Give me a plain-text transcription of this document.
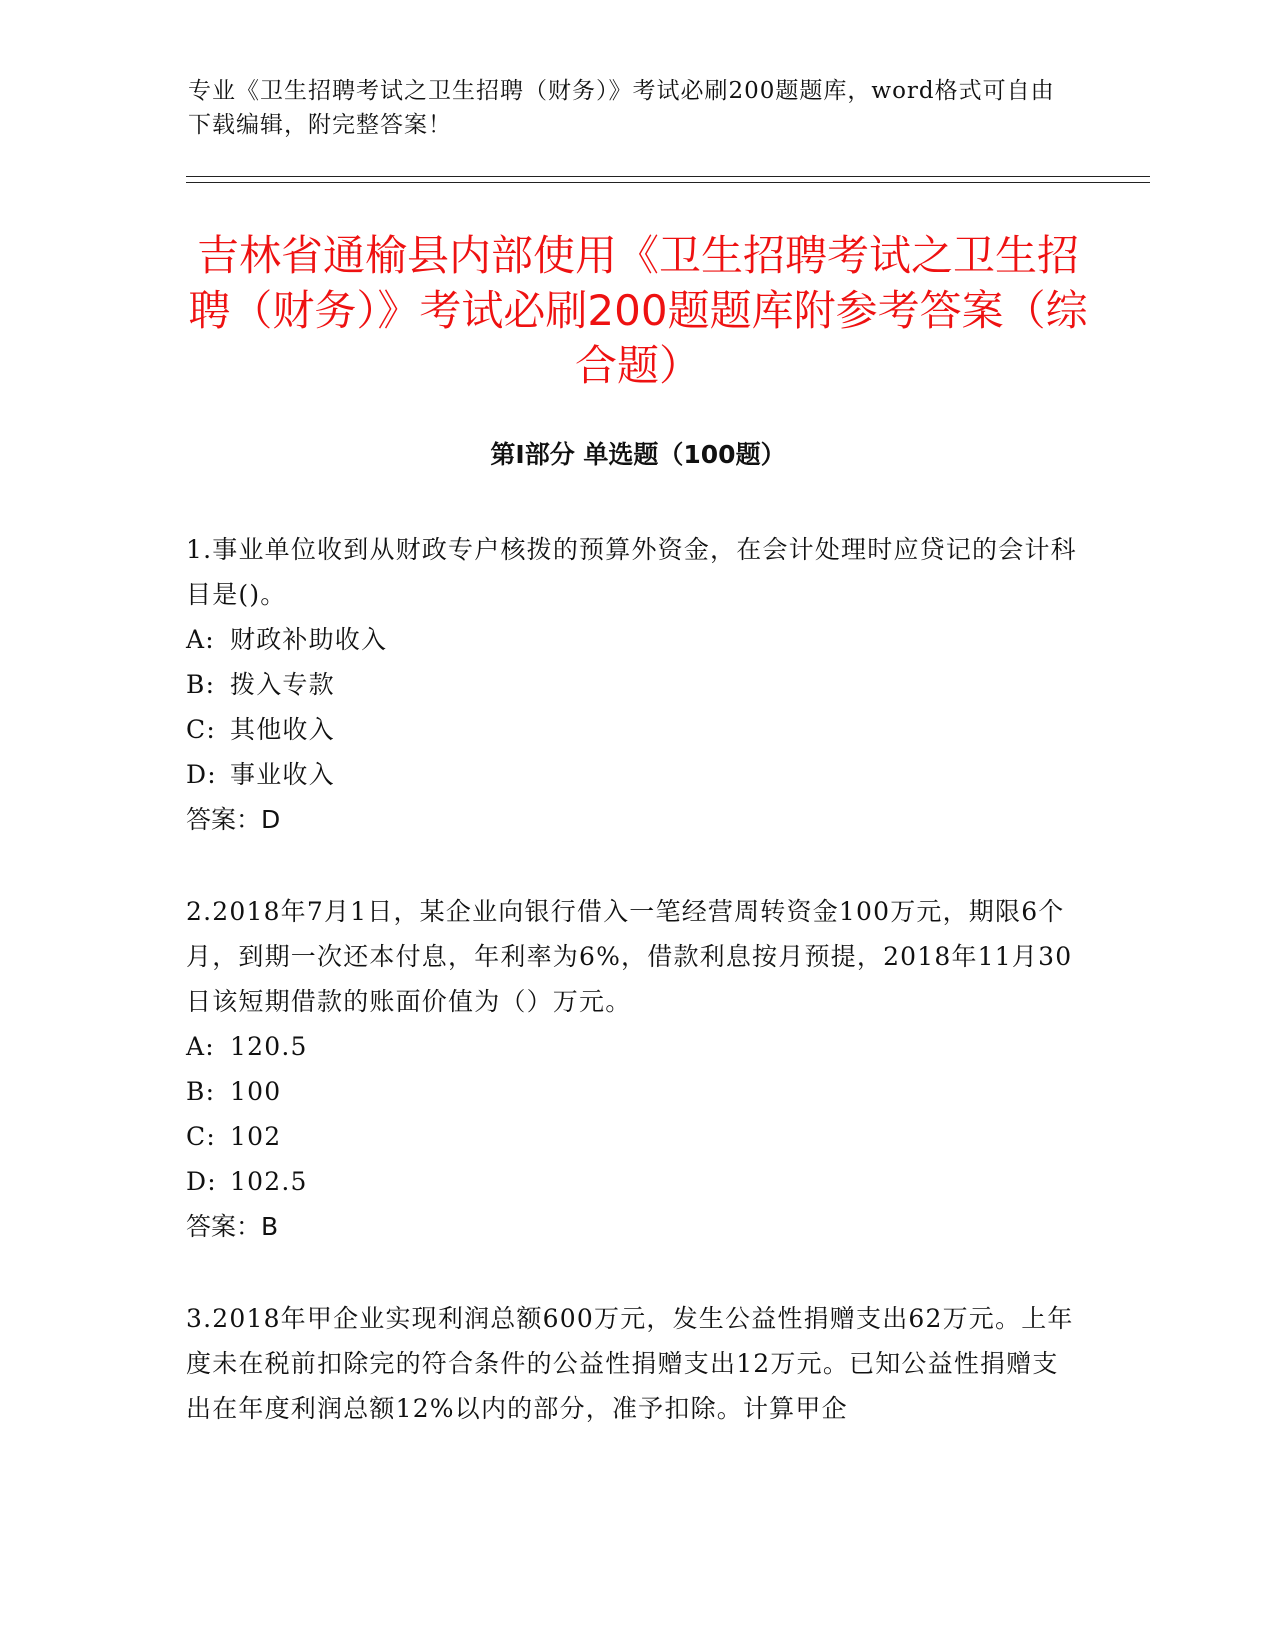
专业《卫生招聘考试之卫生招聘（财务）》考试必刷200题题库，word格式可自由下载编辑，附完整答案！
吉林省通榆县内部使用《卫生招聘考试之卫生招聘（财务）》考试必刷200题题库附参考答案（综合题）
第Ⅰ部分 单选题（100题）

1.事业单位收到从财政专户核拨的预算外资金，在会计处理时应贷记的会计科目是()。

A: 财政补助收入
B: 拨入专款
C: 其他收入
D: 事业收入
答案：D

2.2018年7月1日，某企业向银行借入一笔经营周转资金100万元，期限6个月，到期一次还本付息，年利率为6%，借款利息按月预提，2018年11月30日该短期借款的账面价值为（）万元。

A: 120.5
B: 100
C: 102
D: 102.5
答案：B

3.2018年甲企业实现利润总额600万元，发生公益性捐赠支出62万元。上年度未在税前扣除完的符合条件的公益性捐赠支出12万元。已知公益性捐赠支出在年度利润总额12%以内的部分，准予扣除。计算甲企
